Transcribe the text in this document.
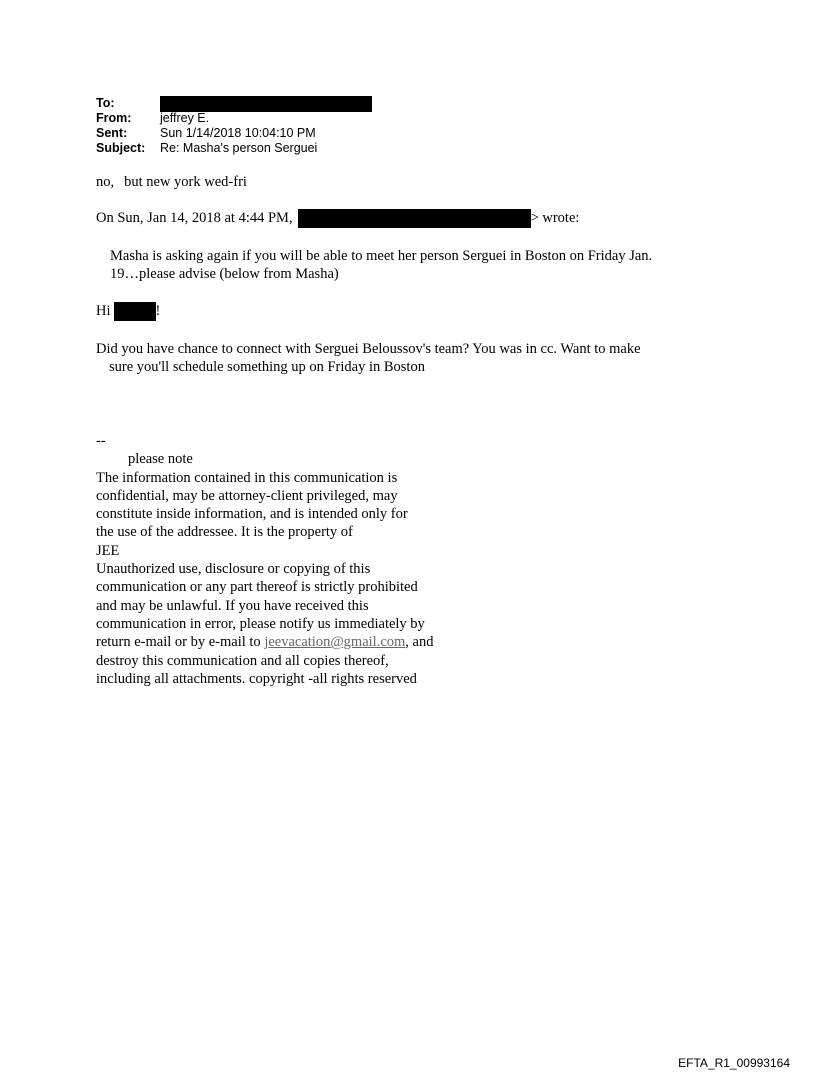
To:
From:	jeffrey E.
Sent:	Sun 1/14/2018 10:04:10 PM
Subject:	Re: Masha's person Serguei
no, but new york wed-fri
On Sun, Jan 14, 2018 at 4:44 PM,	> wrote:
Masha is asking again if you will be able to meet her person Serguei in Boston on Friday Jan.
19…please advise (below from Masha)
Hi	!
Did you have chance to connect with Serguei Beloussov's team? You was in cc. Want to make
sure you'll schedule something up on Friday in Boston
--
please note
The information contained in this communication is
confidential, may be attorney-client privileged, may
constitute inside information, and is intended only for
the use of the addressee. It is the property of
JEE
Unauthorized use, disclosure or copying of this
communication or any part thereof is strictly prohibited
and may be unlawful. If you have received this
communication in error, please notify us immediately by
return e-mail or by e-mail to jeevacation@gmail.com, and
destroy this communication and all copies thereof,
including all attachments. copyright -all rights reserved
EFTA_R1_00993164
